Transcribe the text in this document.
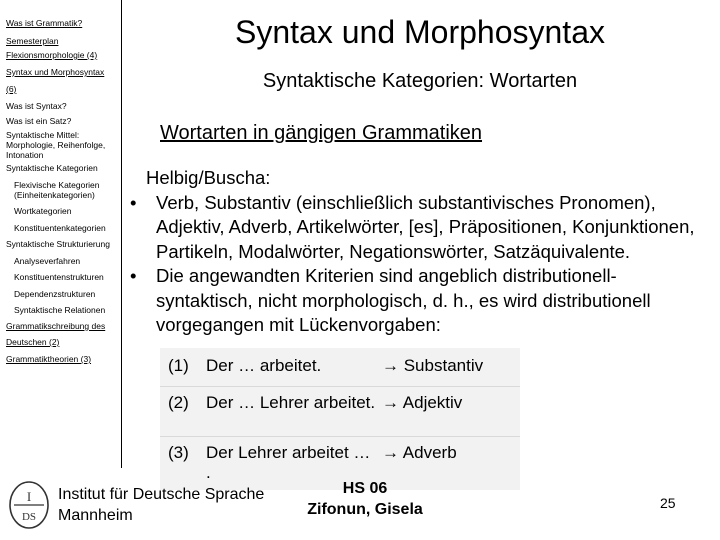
Was ist Grammatik?
Semesterplan
Flexionsmorphologie (4)
Syntax und Morphosyntax
(6)
Was ist Syntax?
Was ist ein Satz?
Syntaktische Mittel: Morphologie, Reihenfolge, Intonation
Syntaktische Kategorien
Flexivische Kategorien (Einheitenkategorien)
Wortkategorien
Konstituentenkategorien
Syntaktische Strukturierung
Analyseverfahren
Konstituentenstrukturen
Dependenzstrukturen
Syntaktische Relationen
Grammatikschreibung des
Deutschen (2)
Grammatiktheorien (3)
Syntax und Morphosyntax
Syntaktische Kategorien: Wortarten
Wortarten in gängigen Grammatiken
Helbig/Buscha:
• Verb, Substantiv (einschließlich substantivisches Pronomen), Adjektiv, Adverb, Artikelwörter, [es], Präpositionen, Konjunktionen, Partikeln, Modalwörter, Negationswörter, Satzäquivalente.
• Die angewandten Kriterien sind angeblich distributionell-syntaktisch, nicht morphologisch, d. h., es wird distributionell vorgegangen mit Lückenvorgaben:
(1) Der … arbeitet.	→ Substantiv
(2) Der … Lehrer arbeitet. → Adjektiv
(3) Der Lehrer arbeitet … .
→ Adverb
I
DS
Institut für Deutsche Sprache
Mannheim
HS 06
Zifonun, Gisela	25
